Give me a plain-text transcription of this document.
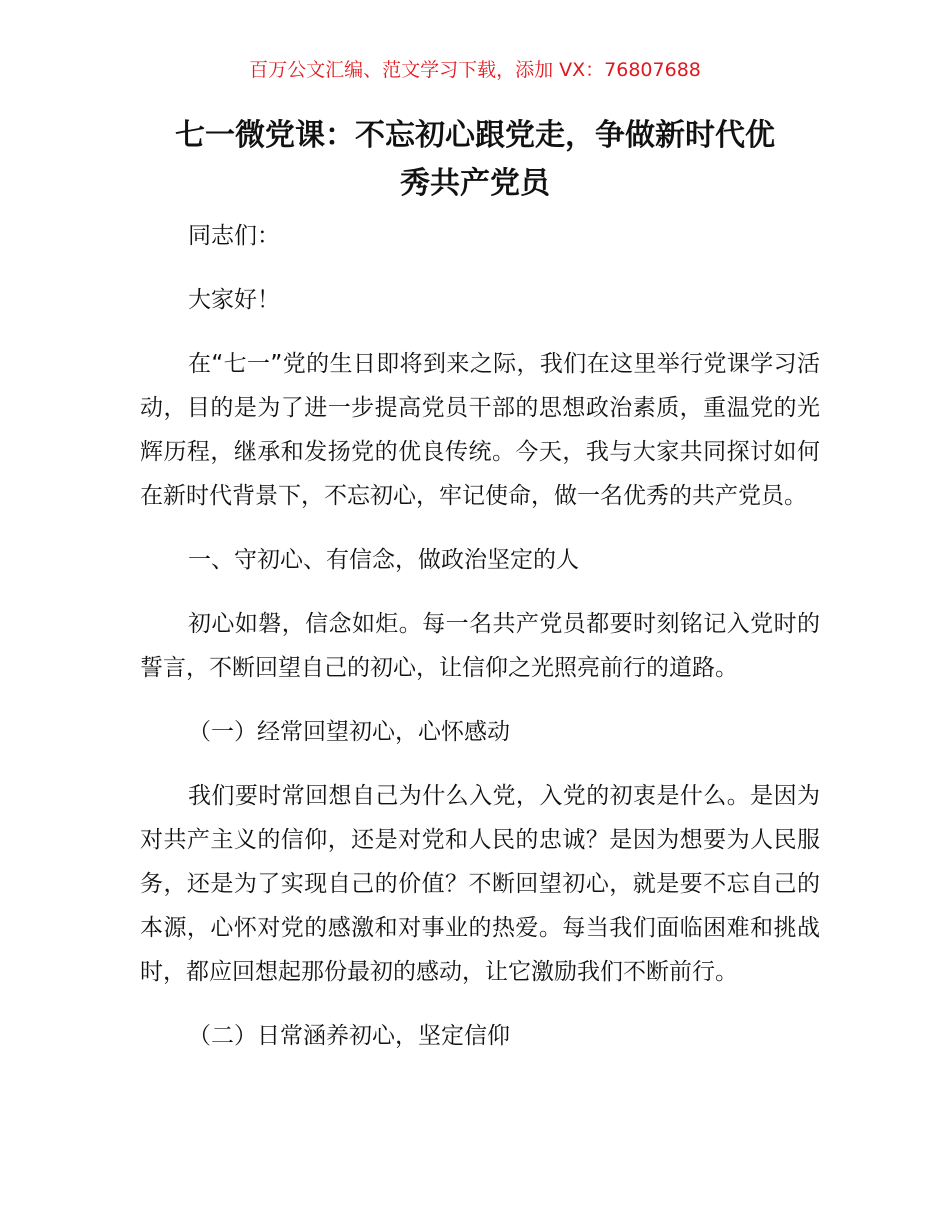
百万公文汇编、范文学习下载，添加 VX：76807688
七一微党课：不忘初心跟党走，争做新时代优
秀共产党员

同志们：

大家好！

在“七一”党的生日即将到来之际，我们在这里举行党课学习活动，目的是为了进一步提高党员干部的思想政治素质，重温党的光辉历程，继承和发扬党的优良传统。今天，我与大家共同探讨如何在新时代背景下，不忘初心，牢记使命，做一名优秀的共产党员。

一、守初心、有信念，做政治坚定的人

初心如磐，信念如炬。每一名共产党员都要时刻铭记入党时的誓言，不断回望自己的初心，让信仰之光照亮前行的道路。

（一）经常回望初心，心怀感动

我们要时常回想自己为什么入党，入党的初衷是什么。是因为对共产主义的信仰，还是对党和人民的忠诚？是因为想要为人民服务，还是为了实现自己的价值？不断回望初心，就是要不忘自己的本源，心怀对党的感激和对事业的热爱。每当我们面临困难和挑战时，都应回想起那份最初的感动，让它激励我们不断前行。

（二）日常涵养初心，坚定信仰
